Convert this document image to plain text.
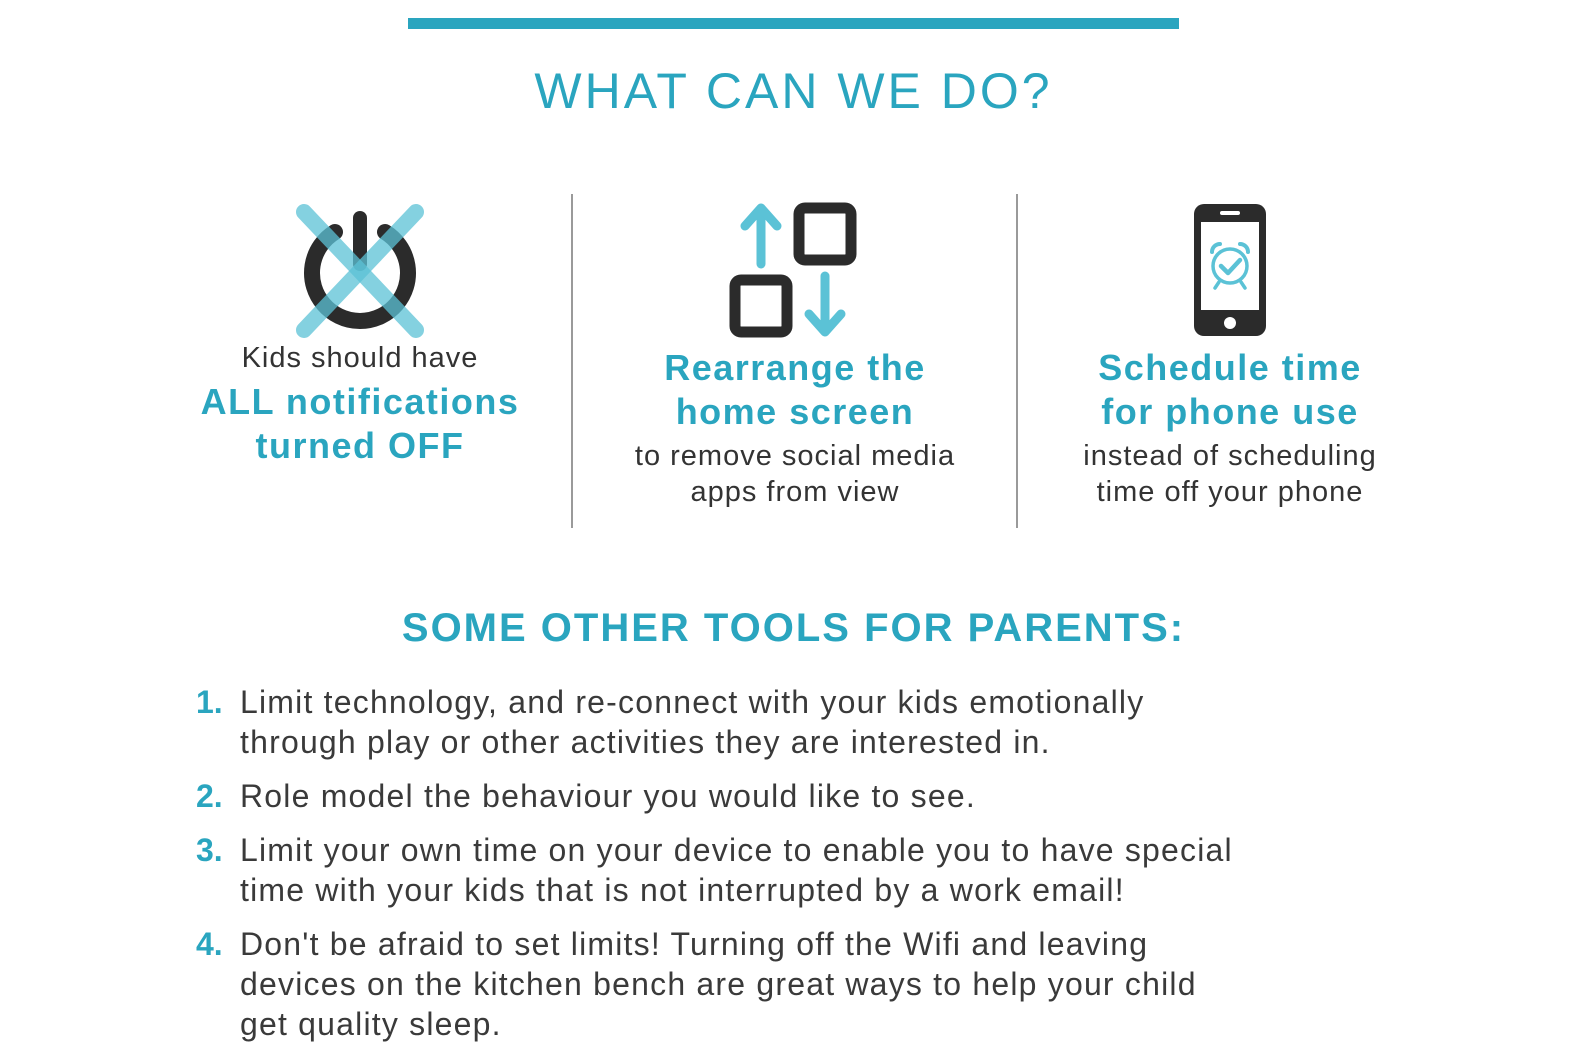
WHAT CAN WE DO?
Kids should have
ALL notifications
turned OFF
Rearrange the
home screen
to remove social media
apps from view
Schedule time
for phone use
instead of scheduling
time off your phone
SOME OTHER TOOLS FOR PARENTS:
1. Limit technology, and re-connect with your kids emotionally
through play or other activities they are interested in.
2. Role model the behaviour you would like to see.
3. Limit your own time on your device to enable you to have special
time with your kids that is not interrupted by a work email!
4. Don't be afraid to set limits! Turning off the Wifi and leaving
devices on the kitchen bench are great ways to help your child
get quality sleep.
